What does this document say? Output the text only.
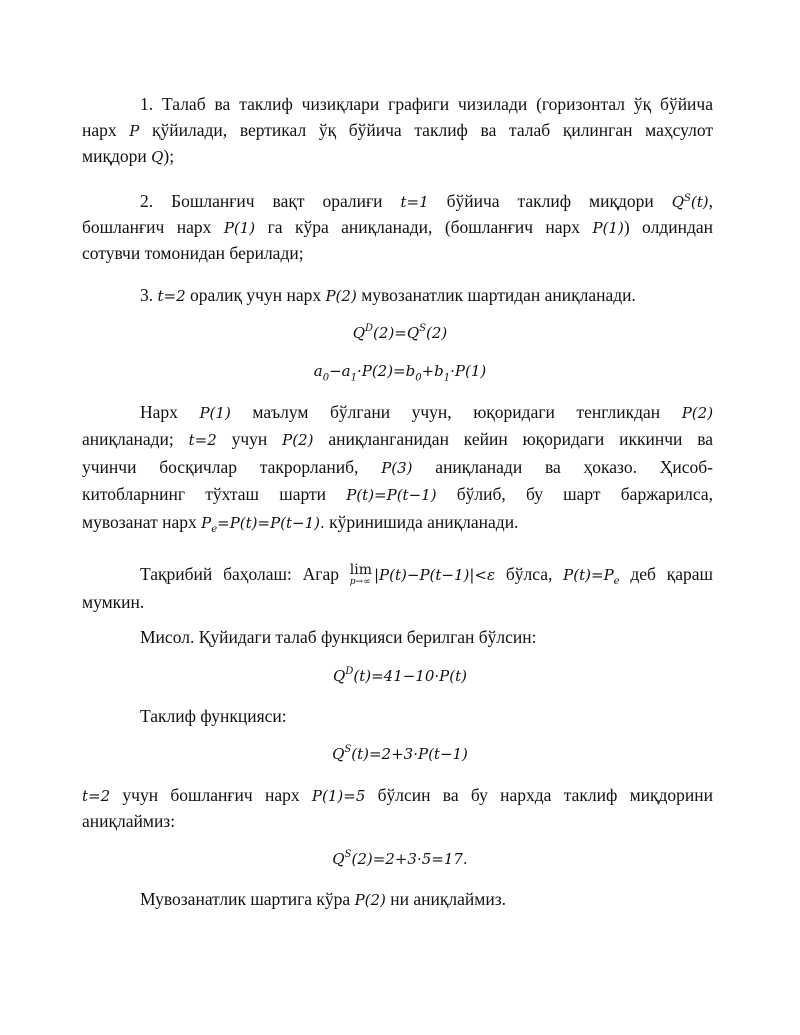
1. Талаб ва таклиф чизиқлари графиги чизилади (горизонтал ўқ бўйича
нарх P қўйилади, вертикал ўқ бўйича таклиф ва талаб қилинган маҳсулот
миқдори Q);
2. Бошланғич вақт оралиғи t=1 бўйича таклиф миқдори $Q^S(t)$,
бошланғич нарх P(1) га кўра аниқланади, (бошланғич нарх P(1)) олдиндан
сотувчи томонидан берилади;
3. t=2 оралиқ учун нарх P(2) мувозанатлик шартидан аниқланади.
$Q^D(2)=Q^S(2)$
$a_0-a_1\cdot P(2)=b_0+b_1\cdot P(1)$
Нарх P(1) маълум бўлгани учун, юқоридаги тенгликдан P(2)
аниқланади; t=2 учун P(2) аниқланганидан кейин юқоридаги иккинчи ва
учинчи босқичлар такрорланиб, P(3) аниқланади ва ҳоказо. Ҳисоб-
китобларнинг тўхташ шарти P(t)=P(t−1) бўлиб, бу шарт баржарилса,
мувозанат нарх $P_e=P(t)=P(t-1)$. кўринишида аниқланади.
Тақрибий баҳолаш: Агар lim
p→∞ |P(t)−P(t−1)|<ε бўлса, $P(t)=P_e$ деб қараш
мумкин.
Мисол. Қуйидаги талаб функцияси берилган бўлсин:
$Q^D(t)=41-10\cdot P(t)$
Таклиф функцияси:
$Q^S(t)=2+3\cdot P(t-1)$
t=2 учун бошланғич нарх P(1)=5 бўлсин ва бу нархда таклиф миқдорини
аниқлаймиз:
$Q^S(2)=2+3\cdot 5=17$.
Мувозанатлик шартига кўра P(2) ни аниқлаймиз.
